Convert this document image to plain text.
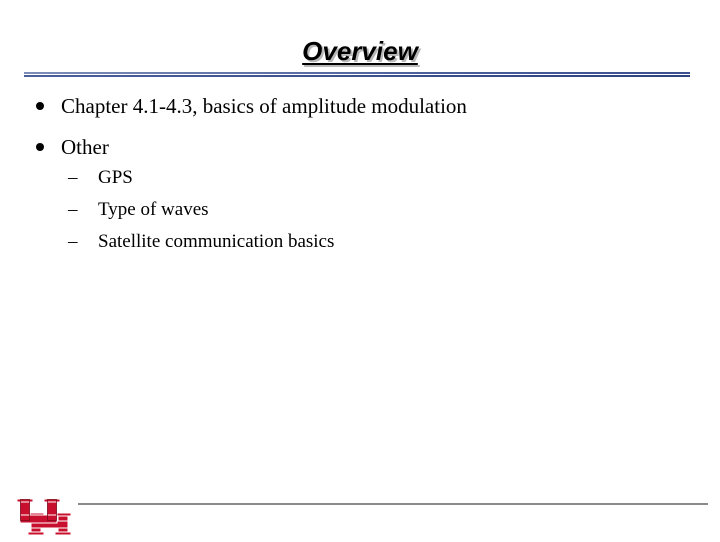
Overview
Chapter 4.1-4.3, basics of amplitude modulation
Other
– GPS
– Type of waves
– Satellite communication basics
